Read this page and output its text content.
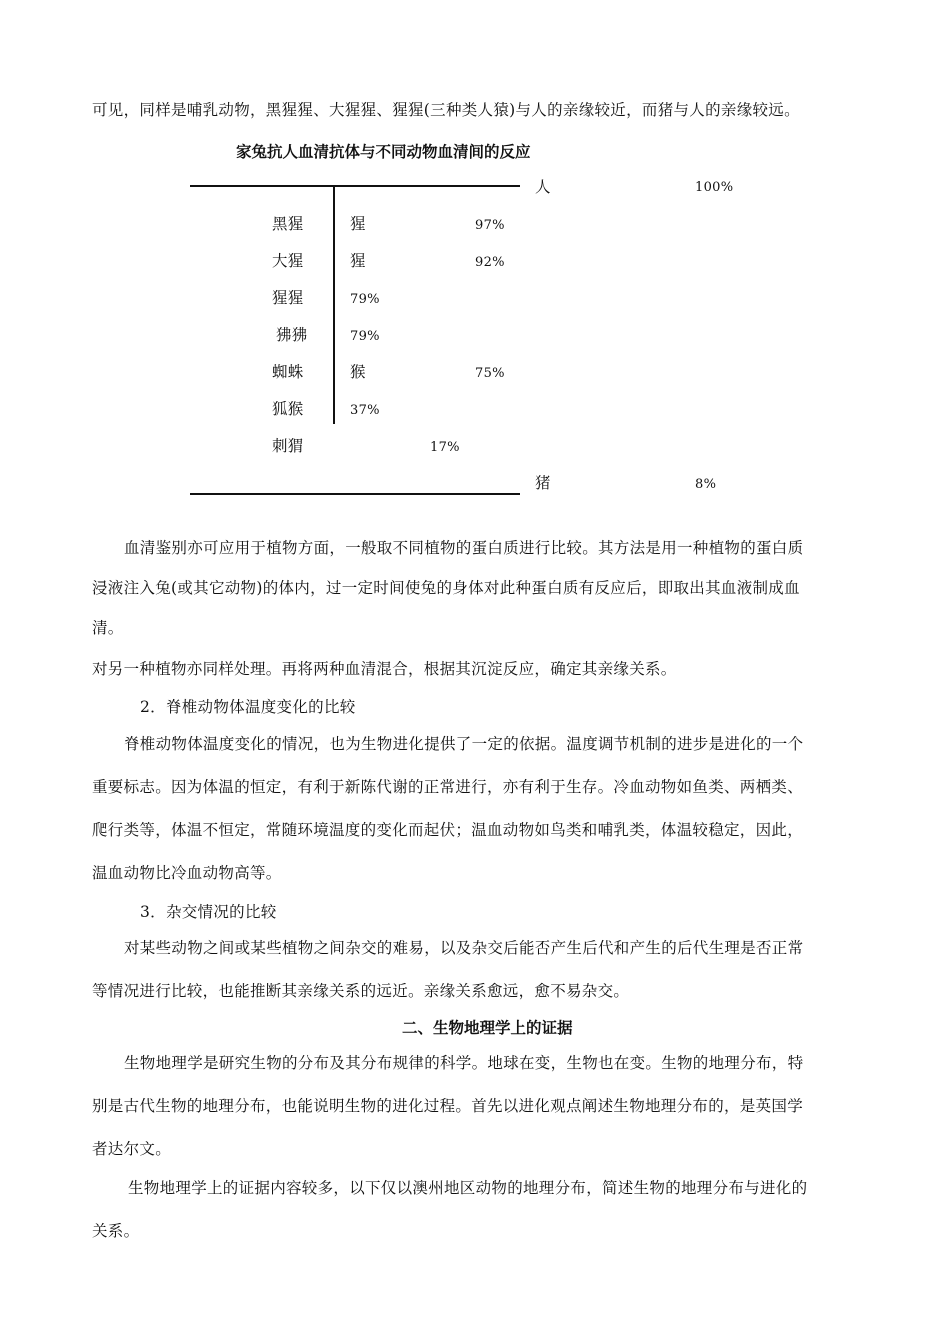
可见，同样是哺乳动物，黑猩猩、大猩猩、猩猩(三种类人猿)与人的亲缘较近，而猪与人的亲缘较远。
家兔抗人血清抗体与不同动物血清间的反应
人	100%
黑猩	猩	97%
大猩	猩	92%
猩猩	79%
狒狒	79%
蜘蛛	猴	75%
狐猴	37%
刺猬	17%
猪	8%
血清鉴别亦可应用于植物方面，一般取不同植物的蛋白质进行比较。其方法是用一种植物的蛋白质
浸液注入兔(或其它动物)的体内，过一定时间使兔的身体对此种蛋白质有反应后，即取出其血液制成血
清。
对另一种植物亦同样处理。再将两种血清混合，根据其沉淀反应，确定其亲缘关系。
2．脊椎动物体温度变化的比较
脊椎动物体温度变化的情况，也为生物进化提供了一定的依据。温度调节机制的进步是进化的一个
重要标志。因为体温的恒定，有利于新陈代谢的正常进行，亦有利于生存。冷血动物如鱼类、两栖类、
爬行类等，体温不恒定，常随环境温度的变化而起伏；温血动物如鸟类和哺乳类，体温较稳定，因此，
温血动物比冷血动物高等。
3．杂交情况的比较
对某些动物之间或某些植物之间杂交的难易，以及杂交后能否产生后代和产生的后代生理是否正常
等情况进行比较，也能推断其亲缘关系的远近。亲缘关系愈远，愈不易杂交。
二、生物地理学上的证据
生物地理学是研究生物的分布及其分布规律的科学。地球在变，生物也在变。生物的地理分布，特
别是古代生物的地理分布，也能说明生物的进化过程。首先以进化观点阐述生物地理分布的，是英国学
者达尔文。
生物地理学上的证据内容较多，以下仅以澳州地区动物的地理分布，简述生物的地理分布与进化的
关系。
